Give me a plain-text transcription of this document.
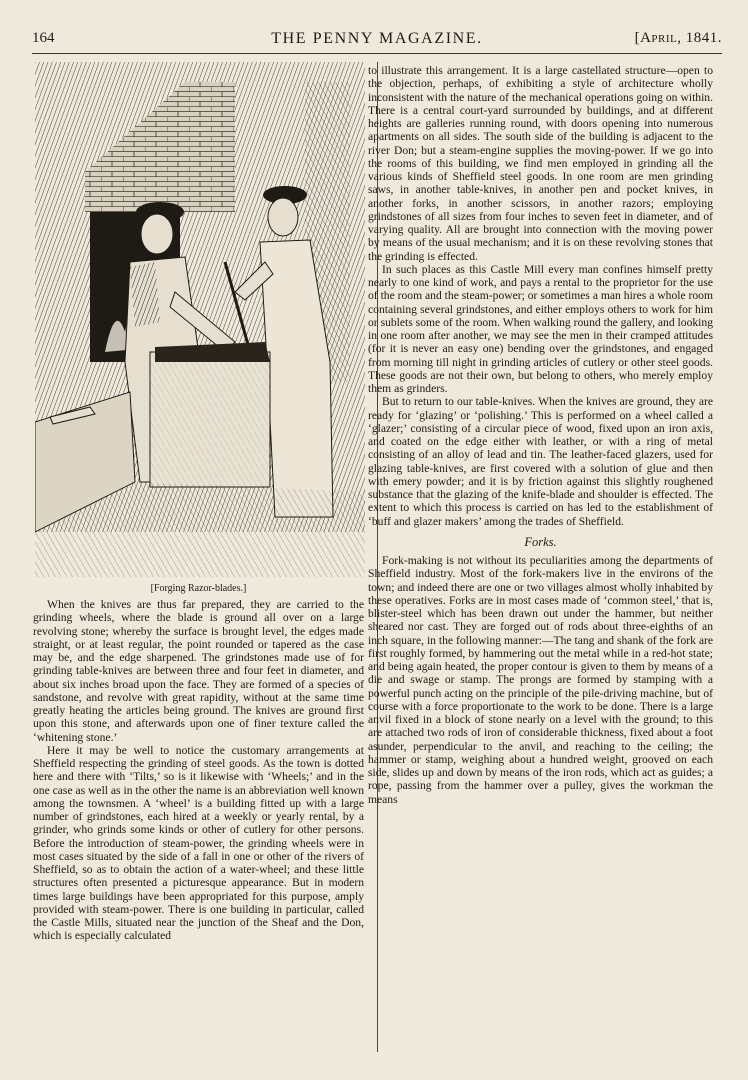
164	THE PENNY MAGAZINE.	[April, 1841.
[Forging Razor-blades.]

When the knives are thus far prepared, they are carried to the grinding wheels, where the blade is ground all over on a large revolving stone; whereby the surface is brought level, the edges made straight, or at least regular, the point rounded or tapered as the case may be, and the edge sharpened. The grindstones made use of for grinding table-knives are between three and four feet in diameter, and about six inches broad upon the face. They are formed of a species of sandstone, and revolve with great rapidity, without at the same time greatly heating the articles being ground. The knives are ground first upon this stone, and afterwards upon one of finer texture called the ‘whitening stone.’

Here it may be well to notice the customary arrangements at Sheffield respecting the grinding of steel goods. As the town is dotted here and there with ‘Tilts,’ so is it likewise with ‘Wheels;’ and in the one case as well as in the other the name is an abbreviation well known among the townsmen. A ‘wheel’ is a building fitted up with a large number of grindstones, each hired at a weekly or yearly rental, by a grinder, who grinds some kinds or other of cutlery for other persons. Before the introduction of steam-power, the grinding wheels were in most cases situated by the side of a fall in one or other of the rivers of Sheffield, so as to obtain the action of a water-wheel; and these little structures often presented a picturesque appearance. But in modern times large buildings have been appropriated for this purpose, amply provided with steam-power. There is one building in particular, called the Castle Mills, situated near the junction of the Sheaf and the Don, which is especially calculated

to illustrate this arrangement. It is a large castellated structure—open to the objection, perhaps, of exhibiting a style of architecture wholly inconsistent with the nature of the mechanical operations going on within. There is a central court-yard surrounded by buildings, and at different heights are galleries running round, with doors opening into numerous apartments on all sides. The south side of the building is adjacent to the river Don; but a steam-engine supplies the moving-power. If we go into the rooms of this building, we find men employed in grinding all the various kinds of Sheffield steel goods. In one room are men grinding saws, in another table-knives, in another pen and pocket knives, in another forks, in another scissors, in another razors; employing grindstones of all sizes from four inches to seven feet in diameter, and of varying quality. All are brought into connection with the moving power by means of the usual mechanism; and it is on these revolving stones that the grinding is effected.

In such places as this Castle Mill every man confines himself pretty nearly to one kind of work, and pays a rental to the proprietor for the use of the room and the steam-power; or sometimes a man hires a whole room containing several grindstones, and either employs others to work for him or sublets some of the room. When walking round the gallery, and looking in one room after another, we may see the men in their cramped attitudes (for it is never an easy one) bending over the grindstones, and engaged from morning till night in grinding articles of cutlery or other steel goods. These goods are not their own, but belong to others, who merely employ them as grinders.

But to return to our table-knives. When the knives are ground, they are ready for ‘glazing’ or ‘polishing.’ This is performed on a wheel called a ‘glazer;’ consisting of a circular piece of wood, fixed upon an iron axis, and coated on the edge either with leather, or with a ring of metal consisting of an alloy of lead and tin. The leather-faced glazers, used for glazing table-knives, are first covered with a solution of glue and then with emery powder; and it is by friction against this slightly roughened substance that the glazing of the knife-blade and shoulder is effected. The extent to which this process is carried on has led to the establishment of ‘buff and glazer makers’ among the trades of Sheffield.

Forks.

Fork-making is not without its peculiarities among the departments of Sheffield industry. Most of the fork-makers live in the environs of the town; and indeed there are one or two villages almost wholly inhabited by these operatives. Forks are in most cases made of ‘common steel,’ that is, blister-steel which has been drawn out under the hammer, but neither sheared nor cast. They are forged out of rods about three-eighths of an inch square, in the following manner:—The tang and shank of the fork are first roughly formed, by hammering out the metal while in a red-hot state; and being again heated, the proper contour is given to them by means of a die and swage or stamp. The prongs are formed by stamping with a powerful punch acting on the principle of the pile-driving machine, but of course with a force proportionate to the work to be done. There is a large anvil fixed in a block of stone nearly on a level with the ground; to this are attached two rods of iron of considerable thickness, fixed about a foot asunder, perpendicular to the anvil, and reaching to the ceiling; the hammer or stamp, weighing about a hundred weight, grooved on each side, slides up and down by means of the iron rods, which act as guides; a rope, passing from the hammer over a pulley, gives the workman the means
